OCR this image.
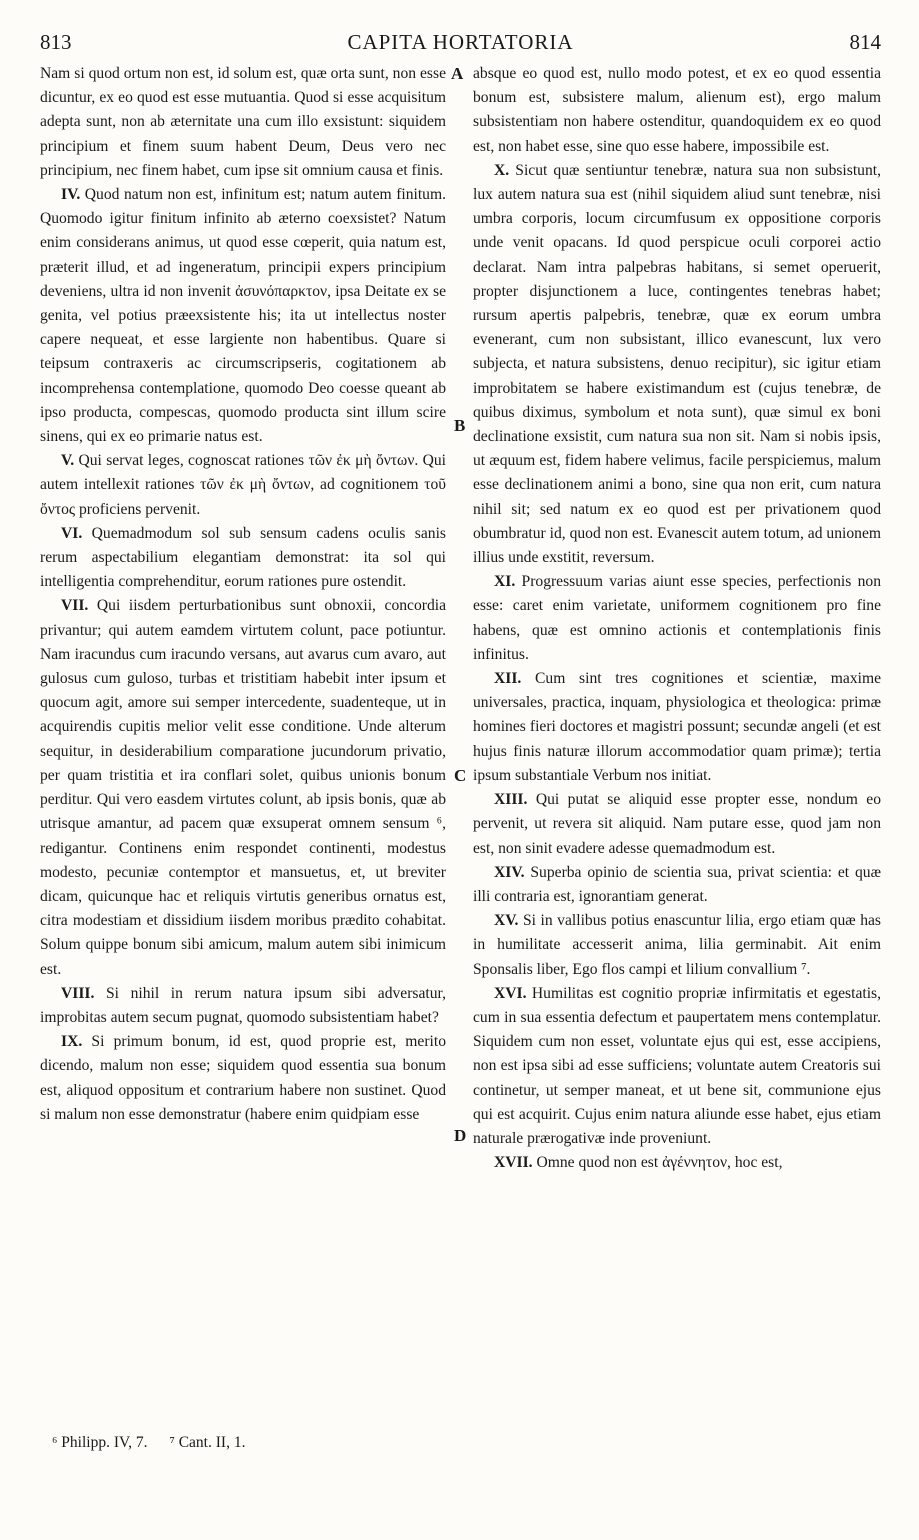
813	CAPITA HORTATORIA	814
A
B
C
D

Nam si quod ortum non est, id solum est, quæ orta sunt, non esse dicuntur, ex eo quod est esse mutuantia. Quod si esse acquisitum adepta sunt, non ab æternitate una cum illo exsistunt: siquidem principium et finem suum habent Deum, Deus vero nec principium, nec finem habet, cum ipse sit omnium causa et finis.

IV. Quod natum non est, infinitum est; natum autem finitum. Quomodo igitur finitum infinito ab æterno coexsistet? Natum enim considerans animus, ut quod esse cœperit, quia natum est, præterit illud, et ad ingeneratum, principii expers principium deveniens, ultra id non invenit ἀσυνόπαρκτον, ipsa Deitate ex se genita, vel potius præexsistente his; ita ut intellectus noster capere nequeat, et esse largiente non habentibus. Quare si teipsum contraxeris ac circumscripseris, cogitationem ab incomprehensa contemplatione, quomodo Deo coesse queant ab ipso producta, compescas, quomodo producta sint illum scire sinens, qui ex eo primarie natus est.

V. Qui servat leges, cognoscat rationes τῶν ἐκ μὴ ὄντων. Qui autem intellexit rationes τῶν ἐκ μὴ ὄντων, ad cognitionem τοῦ ὄντος proficiens pervenit.

VI. Quemadmodum sol sub sensum cadens oculis sanis rerum aspectabilium elegantiam demonstrat: ita sol qui intelligentia comprehenditur, eorum rationes pure ostendit.

VII. Qui iisdem perturbationibus sunt obnoxii, concordia privantur; qui autem eamdem virtutem colunt, pace potiuntur. Nam iracundus cum iracundo versans, aut avarus cum avaro, aut gulosus cum guloso, turbas et tristitiam habebit inter ipsum et quocum agit, amore sui semper intercedente, suadenteque, ut in acquirendis cupitis melior velit esse conditione. Unde alterum sequitur, in desiderabilium comparatione jucundorum privatio, per quam tristitia et ira conflari solet, quibus unionis bonum perditur. Qui vero easdem virtutes colunt, ab ipsis bonis, quæ ab utrisque amantur, ad pacem quæ exsuperat omnem sensum ⁶, redigantur. Continens enim respondet continenti, modestus modesto, pecuniæ contemptor et mansuetus, et, ut breviter dicam, quicunque hac et reliquis virtutis generibus ornatus est, citra modestiam et dissidium iisdem moribus prædito cohabitat. Solum quippe bonum sibi amicum, malum autem sibi inimicum est.

VIII. Si nihil in rerum natura ipsum sibi adversatur, improbitas autem secum pugnat, quomodo subsistentiam habet?

IX. Si primum bonum, id est, quod proprie est, merito dicendo, malum non esse; siquidem quod essentia sua bonum est, aliquod oppositum et contrarium habere non sustinet. Quod si malum non esse demonstratur (habere enim quidpiam esse

absque eo quod est, nullo modo potest, et ex eo quod essentia bonum est, subsistere malum, alienum est), ergo malum subsistentiam non habere ostenditur, quandoquidem ex eo quod est, non habet esse, sine quo esse habere, impossibile est.

X. Sicut quæ sentiuntur tenebræ, natura sua non subsistunt, lux autem natura sua est (nihil siquidem aliud sunt tenebræ, nisi umbra corporis, locum circumfusum ex oppositione corporis unde venit opacans. Id quod perspicue oculi corporei actio declarat. Nam intra palpebras habitans, si semet operuerit, propter disjunctionem a luce, contingentes tenebras habet; rursum apertis palpebris, tenebræ, quæ ex eorum umbra evenerant, cum non subsistant, illico evanescunt, lux vero subjecta, et natura subsistens, denuo recipitur), sic igitur etiam improbitatem se habere existimandum est (cujus tenebræ, de quibus diximus, symbolum et nota sunt), quæ simul ex boni declinatione exsistit, cum natura sua non sit. Nam si nobis ipsis, ut æquum est, fidem habere velimus, facile perspiciemus, malum esse declinationem animi a bono, sine qua non erit, cum natura nihil sit; sed natum ex eo quod est per privationem quod obumbratur id, quod non est. Evanescit autem totum, ad unionem illius unde exstitit, reversum.

XI. Progressuum varias aiunt esse species, perfectionis non esse: caret enim varietate, uniformem cognitionem pro fine habens, quæ est omnino actionis et contemplationis finis infinitus.

XII. Cum sint tres cognitiones et scientiæ, maxime universales, practica, inquam, physiologica et theologica: primæ homines fieri doctores et magistri possunt; secundæ angeli (et est hujus finis naturæ illorum accommodatior quam primæ); tertia ipsum substantiale Verbum nos initiat.

XIII. Qui putat se aliquid esse propter esse, nondum eo pervenit, ut revera sit aliquid. Nam putare esse, quod jam non est, non sinit evadere adesse quemadmodum est.

XIV. Superba opinio de scientia sua, privat scientia: et quæ illi contraria est, ignorantiam generat.

XV. Si in vallibus potius enascuntur lilia, ergo etiam quæ has in humilitate accesserit anima, lilia germinabit. Ait enim Sponsalis liber, Ego flos campi et lilium convallium ⁷.

XVI. Humilitas est cognitio propriæ infirmitatis et egestatis, cum in sua essentia defectum et paupertatem mens contemplatur. Siquidem cum non esset, voluntate ejus qui est, esse accipiens, non est ipsa sibi ad esse sufficiens; voluntate autem Creatoris sui continetur, ut semper maneat, et ut bene sit, communione ejus qui est acquirit. Cujus enim natura aliunde esse habet, ejus etiam naturale prærogativæ inde proveniunt.

XVII. Omne quod non est ἀγέννητον, hoc est,

⁶ Philipp. IV, 7. ⁷ Cant. II, 1.
